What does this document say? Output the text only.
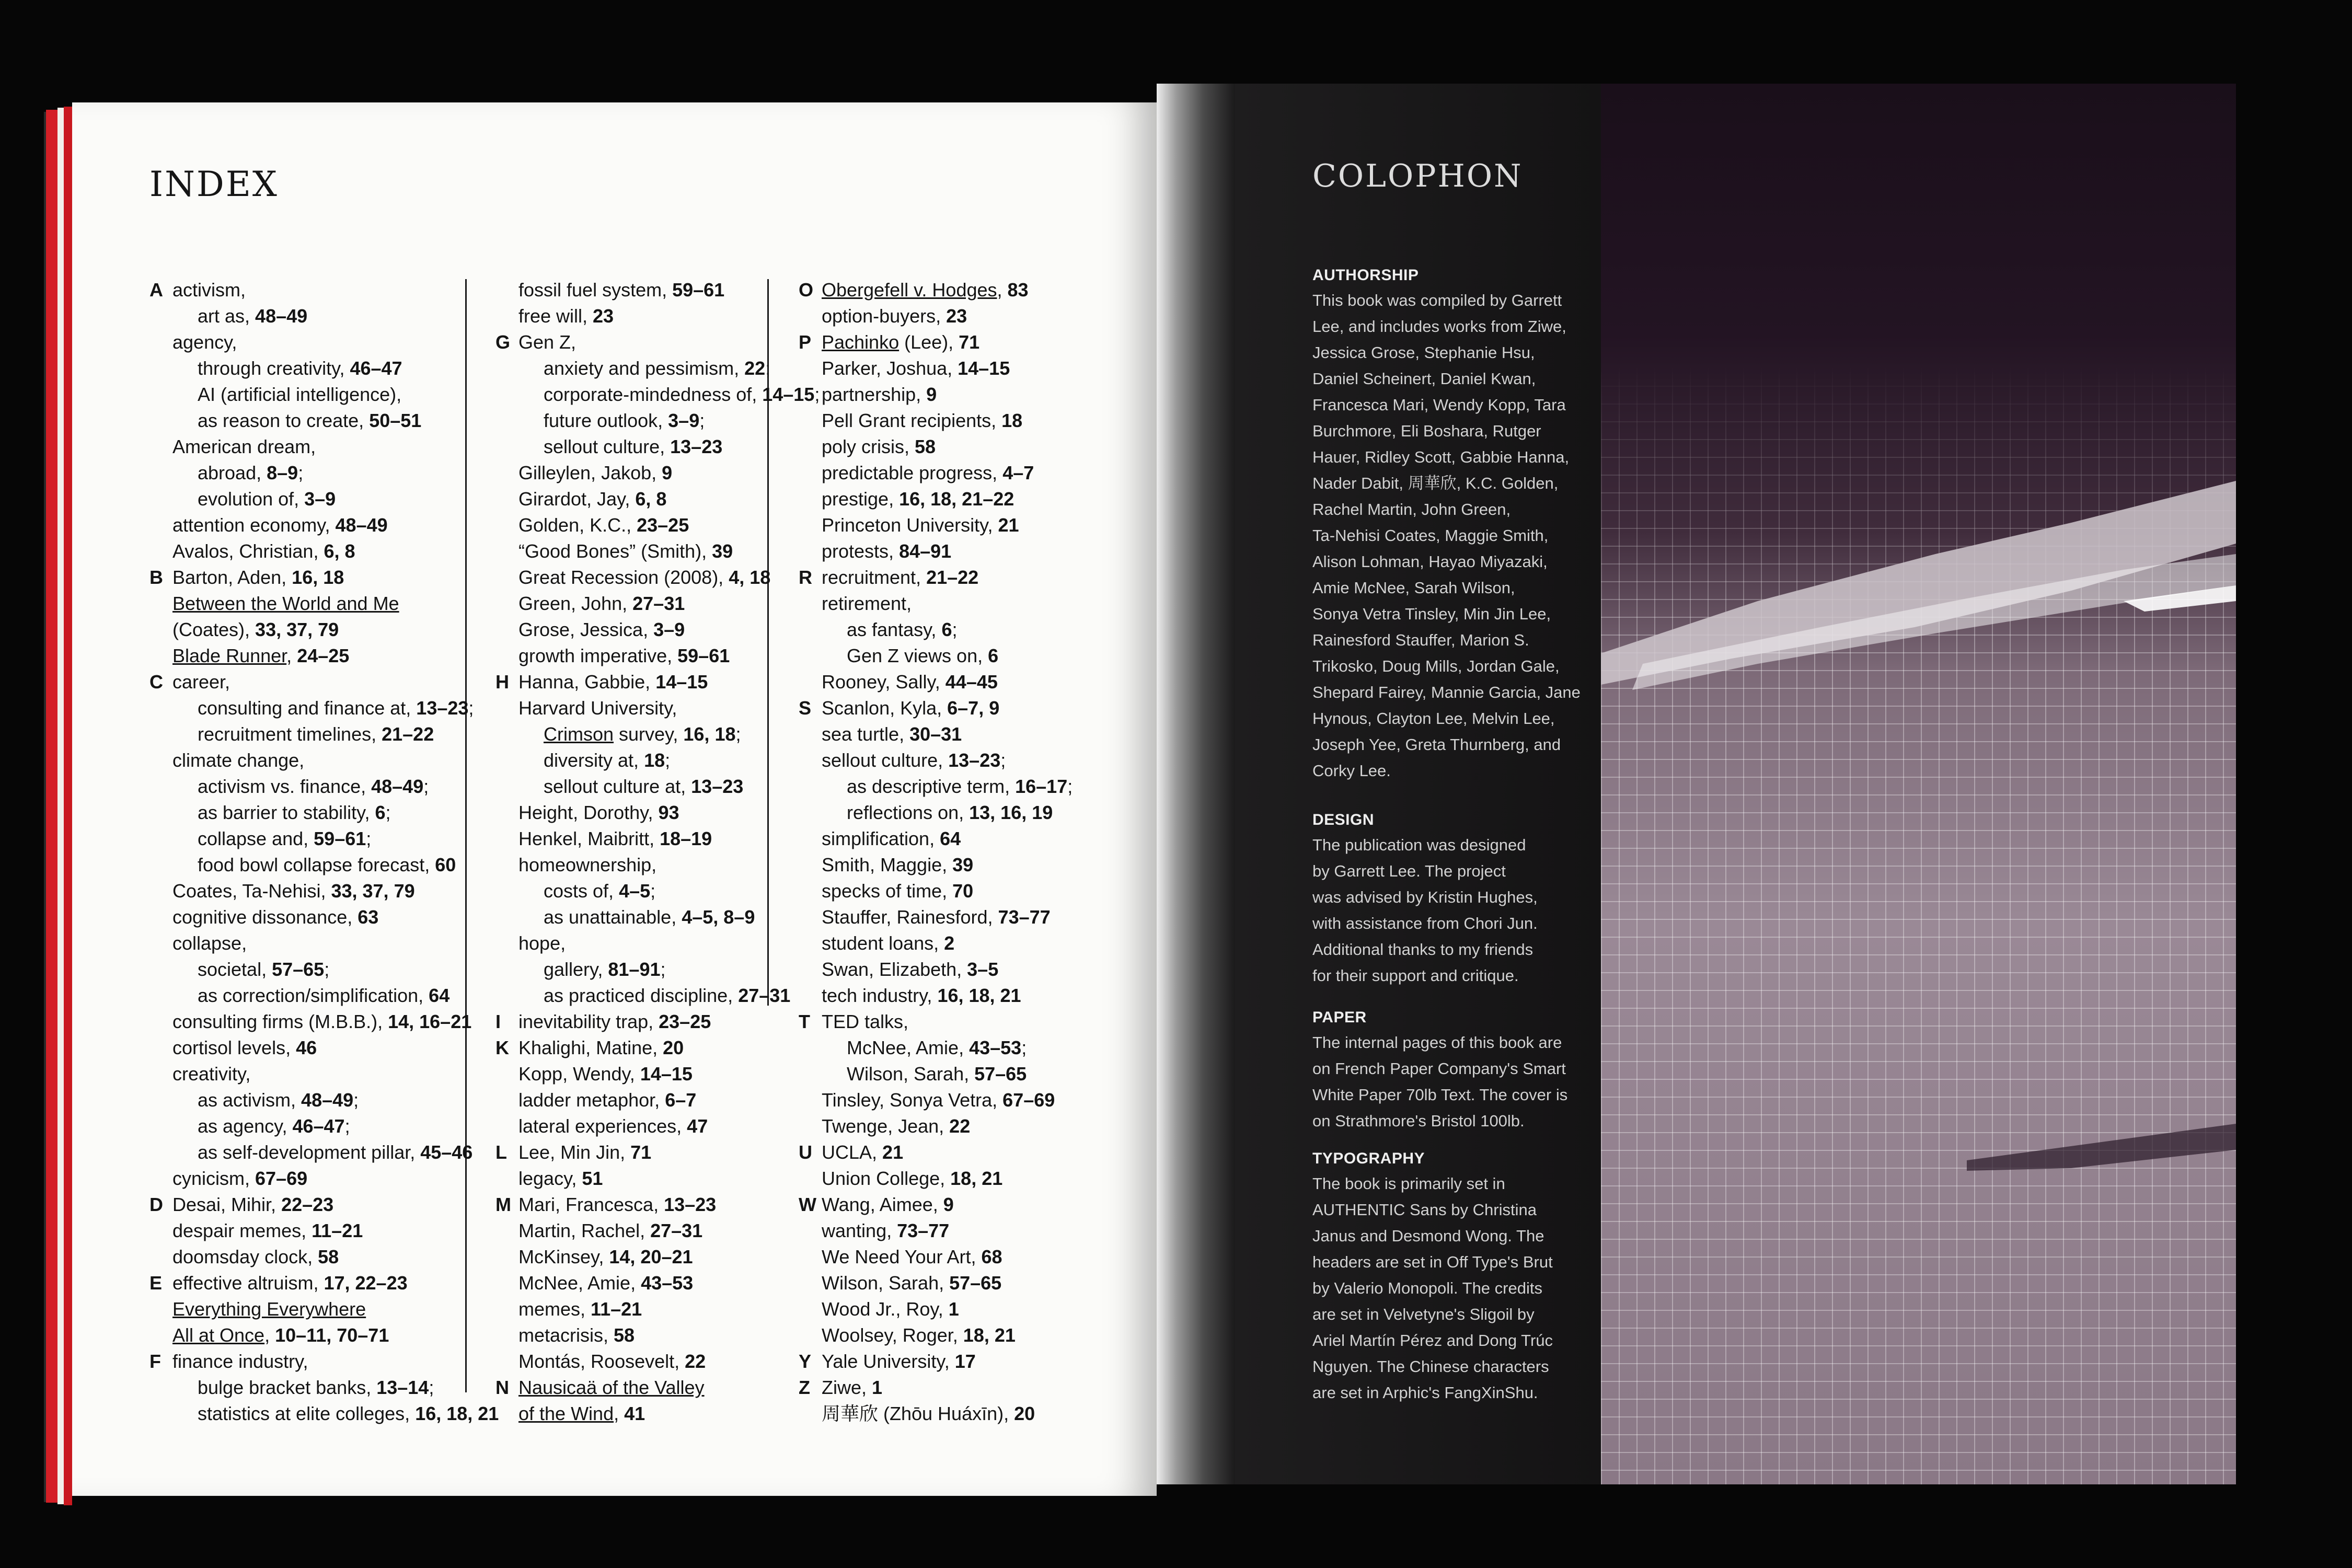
INDEX
A activism,
art as, 48–49
agency,
through creativity, 46–47
AI (artificial intelligence),
as reason to create, 50–51
American dream,
abroad, 8–9;
evolution of, 3–9
attention economy, 48–49
Avalos, Christian, 6, 8
B Barton, Aden, 16, 18
Between the World and Me
(Coates), 33, 37, 79
Blade Runner, 24–25
C career,
consulting and finance at, 13–23;
recruitment timelines, 21–22
climate change,
activism vs. finance, 48–49;
as barrier to stability, 6;
collapse and, 59–61;
food bowl collapse forecast, 60
Coates, Ta-Nehisi, 33, 37, 79
cognitive dissonance, 63
collapse,
societal, 57–65;
as correction/simplification, 64
consulting firms (M.B.B.), 14, 16–21
cortisol levels, 46
creativity,
as activism, 48–49;
as agency, 46–47;
as self-development pillar, 45–46
cynicism, 67–69
D Desai, Mihir, 22–23
despair memes, 11–21
doomsday clock, 58
E effective altruism, 17, 22–23
Everything Everywhere
All at Once, 10–11, 70–71
F finance industry,
bulge bracket banks, 13–14;
statistics at elite colleges, 16, 18, 21
fossil fuel system, 59–61
free will, 23
G Gen Z,
anxiety and pessimism, 22;
corporate-mindedness of, 14–15;
future outlook, 3–9;
sellout culture, 13–23
Gilleylen, Jakob, 9
Girardot, Jay, 6, 8
Golden, K.C., 23–25
“Good Bones” (Smith), 39
Great Recession (2008), 4, 18
Green, John, 27–31
Grose, Jessica, 3–9
growth imperative, 59–61
H Hanna, Gabbie, 14–15
Harvard University,
Crimson survey, 16, 18;
diversity at, 18;
sellout culture at, 13–23
Height, Dorothy, 93
Henkel, Maibritt, 18–19
homeownership,
costs of, 4–5;
as unattainable, 4–5, 8–9
hope,
gallery, 81–91;
as practiced discipline, 27–31
I inevitability trap, 23–25
K Khalighi, Matine, 20
Kopp, Wendy, 14–15
ladder metaphor, 6–7
lateral experiences, 47
L Lee, Min Jin, 71
legacy, 51
M Mari, Francesca, 13–23
Martin, Rachel, 27–31
McKinsey, 14, 20–21
McNee, Amie, 43–53
memes, 11–21
metacrisis, 58
Montás, Roosevelt, 22
N Nausicaä of the Valley
of the Wind, 41
O Obergefell v. Hodges, 83
option-buyers, 23
P Pachinko (Lee), 71
Parker, Joshua, 14–15
partnership, 9
Pell Grant recipients, 18
poly crisis, 58
predictable progress, 4–7
prestige, 16, 18, 21–22
Princeton University, 21
protests, 84–91
R recruitment, 21–22
retirement,
as fantasy, 6;
Gen Z views on, 6
Rooney, Sally, 44–45
S Scanlon, Kyla, 6–7, 9
sea turtle, 30–31
sellout culture, 13–23;
as descriptive term, 16–17;
reflections on, 13, 16, 19
simplification, 64
Smith, Maggie, 39
specks of time, 70
Stauffer, Rainesford, 73–77
student loans, 2
Swan, Elizabeth, 3–5
tech industry, 16, 18, 21
T TED talks,
McNee, Amie, 43–53;
Wilson, Sarah, 57–65
Tinsley, Sonya Vetra, 67–69
Twenge, Jean, 22
U UCLA, 21
Union College, 18, 21
W Wang, Aimee, 9
wanting, 73–77
We Need Your Art, 68
Wilson, Sarah, 57–65
Wood Jr., Roy, 1
Woolsey, Roger, 18, 21
Y Yale University, 17
Z Ziwe, 1
周華欣 (Zhōu Huáxīn), 20
COLOPHON
AUTHORSHIP

This book was compiled by Garrett
Lee, and includes works from Ziwe,
Jessica Grose, Stephanie Hsu,
Daniel Scheinert, Daniel Kwan,
Francesca Mari, Wendy Kopp, Tara
Burchmore, Eli Boshara, Rutger
Hauer, Ridley Scott, Gabbie Hanna,
Nader Dabit, 周華欣, K.C. Golden,
Rachel Martin, John Green,
Ta-Nehisi Coates, Maggie Smith,
Alison Lohman, Hayao Miyazaki,
Amie McNee, Sarah Wilson,
Sonya Vetra Tinsley, Min Jin Lee,
Rainesford Stauffer, Marion S.
Trikosko, Doug Mills, Jordan Gale,
Shepard Fairey, Mannie Garcia, Jane
Hynous, Clayton Lee, Melvin Lee,
Joseph Yee, Greta Thurnberg, and
Corky Lee.

DESIGN

The publication was designed
by Garrett Lee. The project
was advised by Kristin Hughes,
with assistance from Chori Jun.
Additional thanks to my friends
for their support and critique.

PAPER

The internal pages of this book are
on French Paper Company's Smart
White Paper 70lb Text. The cover is
on Strathmore's Bristol 100lb.

TYPOGRAPHY

The book is primarily set in
AUTHENTIC Sans by Christina
Janus and Desmond Wong. The
headers are set in Off Type's Brut
by Valerio Monopoli. The credits
are set in Velvetyne's Sligoil by
Ariel Martín Pérez and Dong Trúc
Nguyen. The Chinese characters
are set in Arphic's FangXinShu.
